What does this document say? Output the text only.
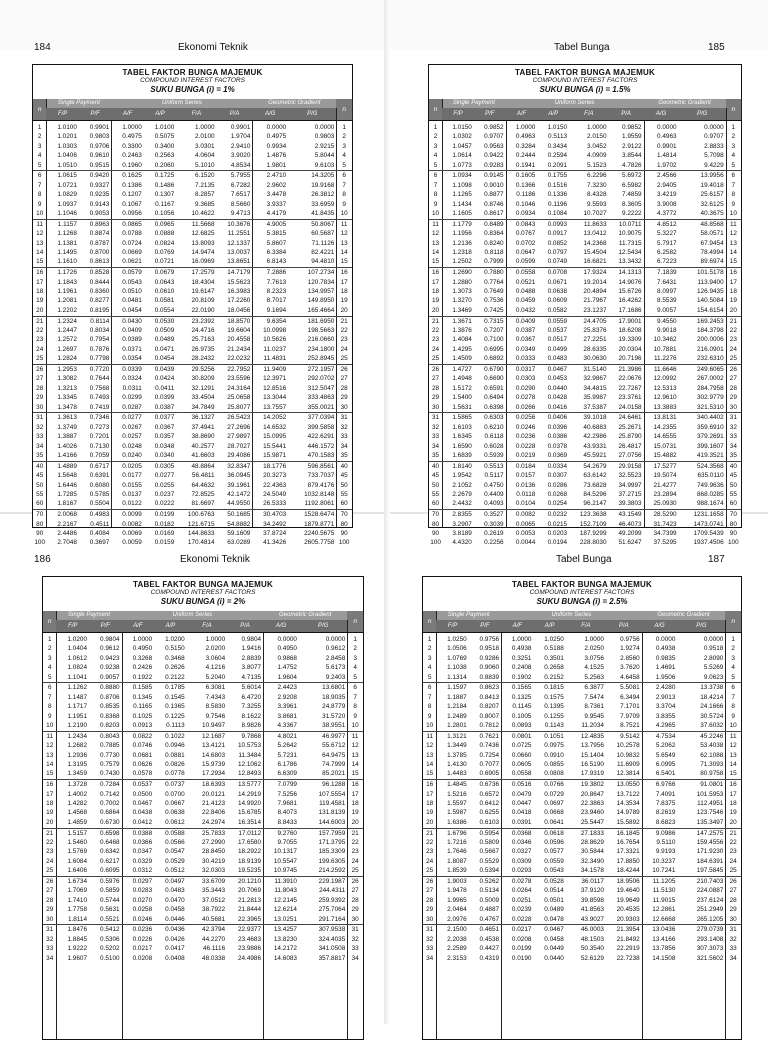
184	Ekonomi Teknik
TABEL FAKTOR BUNGA MAJEMUK
COMPOUND INTEREST FACTORS
SUKU BUNGA (i) = 1%
Single Payment	Uniform Series	Geometric Gradient
n	n
F/P	P/F	A/F	A/P	F/A	P/A	A/G	P/G
1	1.0100	0.9901	1.0000	1.0100	1.0000	0.9901	0.0000	0.0000	1
2	1.0201	0.9803	0.4975	0.5075	2.0100	1.9704	0.4975	0.9803	2
3	1.0303	0.9706	0.3300	0.3400	3.0301	2.9410	0.9934	2.9215	3
4	1.0406	0.9610	0.2463	0.2563	4.0604	3.9020	1.4876	5.8044	4
5	1.0510	0.9515	0.1960	0.2060	5.1010	4.8534	1.9801	9.6103	5
6	1.0615	0.9420	0.1625	0.1725	6.1520	5.7955	2.4710	14.3205	6
7	1.0721	0.9327	0.1386	0.1486	7.2135	6.7282	2.9602	19.9168	7
8	1.0829	0.9235	0.1207	0.1307	8.2857	7.6517	3.4478	26.3812	8
9	1.0937	0.9143	0.1067	0.1167	9.3685	8.5660	3.9337	33.6959	9
10	1.1046	0.9053	0.0956	0.1056	10.4622	9.4713	4.4179	41.8435 10
11	1.1157	0.8963	0.0865	0.0965	11.5668	10.3676	4.9005	50.8067	11
12	1.1268	0.8874	0.0788	0.0888	12.6825	11.2551	5.3815	60.5687 12
13	1.1381	0.8787	0.0724	0.0824	13.8093	12.1337	5.8607	71.1126 13
14	1.1495	0.8700	0.0669	0.0769	14.9474	13.0037	6.3384	82.4221 14
15	1.1610	0.8613	0.0621	0.0721	16.0969	13.8651	6.8143	94.4810 15
16	1.1726	0.8528	0.0579	0.0679	17.2579	14.7179	7.2886	107.2734 16
17	1.1843	0.8444	0.0543	0.0643	18.4304	15.5623	7.7613	120.7834 17
18	1.1961	0.8360	0.0510	0.0610	19.6147	16.3983	8.2323	134.9957 18
19	1.2081	0.8277	0.0481	0.0581	20.8109	17.2260	8.7017	149.8950 19
20	1.2202	0.8195	0.0454	0.0554	22.0190	18.0456	9.1694	165.4664 20
21	1.2324	0.8114	0.0430	0.0530	23.2392	18.8570	9.6354	181.6950 21
22	1.2447	0.8034	0.0409	0.0509	24.4716	19.6604	10.0998	198.5663 22
23	1.2572	0.7954	0.0389	0.0489	25.7163	20.4558	10.5626	216.0660 23
24	1.2697	0.7876	0.0371	0.0471	26.9735	21.2434	11.0237	234.1800 24
25	1.2824	0.7798	0.0354	0.0454	28.2432	22.0232	11.4831	252.8945 25
26	1.2953	0.7720	0.0339	0.0439	29.5256	22.7952	11.9409	272.1957 26
27	1.3082	0.7644	0.0324	0.0424	30.8209	23.5596	12.3971	292.0702 27
28	1.3213	0.7568	0.0311	0.0411	32.1291	24.3164	12.8516	312.5047 28
29	1.3345	0.7493	0.0299	0.0399	33.4504	25.0658	13.3044	333.4863 29
30	1.3478	0.7419	0.0287	0.0387	34.7849	25.8077	13.7557	355.0021 30
31	1.3613	0.7346	0.0277	0.0377	36.1327	26.5423	14.2052	377.0394 31
32	1.3749	0.7273	0.0267	0.0367	37.4941	27.2696	14.6532	399.5858 32
33	1.3887	0.7201	0.0257	0.0357	38.8690	27.9897	15.0995	422.6291 33
34	1.4026	0.7130	0.0248	0.0348	40.2577	28.7027	15.5441	446.1572 34
35	1.4166	0.7059	0.0240	0.0340	41.6603	29.4086	15.9871	470.1583 35
40	1.4889	0.6717	0.0205	0.0305	48.8864	32.8347	18.1776	596.8561 40
45	1.5648	0.6391	0.0177	0.0277	56.4811	36.0945	20.3273	733.7037 45
50	1.6446	0.6080	0.0155	0.0255	64.4632	39.1961	22.4363	879.4176 50
55	1.7285	0.5785	0.0137	0.0237	72.8525	42.1472	24.5049	1032.8148 55
60	1.8167	0.5504	0.0122	0.0222	81.6697	44.9550	26.5333	1192.8061 60
70	2.0068	0.4983	0.0099	0.0199	100.6763	50.1685	30.4703	1528.6474 70
80	2.2167	0.4511	0.0082	0.0182	121.6715	54.8882	34.2492	1879.8771 80
90	2.4486	0.4084	0.0069	0.0169	144.8633	59.1609	37.8724	2240.5675 90
100	2.7048	0.3697	0.0059	0.0159	170.4814	63.0289	41.3426	2605.7758 100
185
Tabel Bunga
TABEL FAKTOR BUNGA MAJEMUK
COMPOUND INTEREST FACTORS
SUKU BUNGA (i) = 1.5%
Single Payment	Uniform Series	Geometric Gradient
n	n
F/P	P/F	A/F	A/P	F/A	P/A	A/G	P/G
1	1.0150	0.9852	1.0000	1.0150	1.0000	0.9852	0.0000	0.0000	1
2	1.0302	0.9707	0.4963	0.5113	2.0150	1.9559	0.4963	0.9707	2
3	1.0457	0.9563	0.3284	0.3434	3.0452	2.9122	0.9901	2.8833	3
4	1.0614	0.9422	0.2444	0.2594	4.0909	3.8544	1.4814	5.7098	4
5	1.0773	0.9283	0.1941	0.2091	5.1523	4.7826	1.9702	9.4229	5
6	1.0934	0.9145	0.1605	0.1755	6.2296	5.6972	2.4566	13.9956	6
7	1.1098	0.9010	0.1366	0.1516	7.3230	6.5982	2.9405	19.4018	7
8	1.1265	0.8877	0.1186	0.1336	8.4328	7.4859	3.4219	25.6157	8
9	1.1434	0.8746	0.1046	0.1196	9.5593	8.3605	3.9008	32.6125	9
10	1.1605	0.8617	0.0934	0.1084	10.7027	9.2222	4.3772	40.3675 10
11	1.1779	0.8489	0.0843	0.0993	11.8633	10.0711	4.8512	48.8568 11
12	1.1956	0.8364	0.0767	0.0917	13.0412	10.9075	5.3227	58.0571 12
13	1.2136	0.8240	0.0702	0.0852	14.2368	11.7315	5.7917	67.9454 13
14	1.2318	0.8118	0.0647	0.0797	15.4504	12.5434	6.2582	78.4994 14
15	1.2502	0.7999	0.0599	0.0749	16.6821	13.3432	6.7223	89.6974 15
16	1.2690	0.7880	0.0558	0.0708	17.9324	14.1313	7.1839	101.5178 16
17	1.2880	0.7764	0.0521	0.0671	19.2014	14.9076	7.6431	113.9400 17
18	1.3073	0.7649	0.0488	0.0638	20.4894	15.6726	8.0997	126.9435 18
19	1.3270	0.7536	0.0459	0.0609	21.7967	16.4262	8.5539	140.5084 19
20	1.3469	0.7425	0.0432	0.0582	23.1237	17.1686	9.0057	154.6154 20
21	1.3671	0.7315	0.0409	0.0559	24.4705	17.9001	9.4550	169.2453 21
22	1.3876	0.7207	0.0387	0.0537	25.8376	18.6208	9.9018	184.3798 22
23	1.4084	0.7100	0.0367	0.0517	27.2251	19.3309	10.3462	200.0006 23
24	1.4295	0.6995	0.0349	0.0499	28.6335	20.0304	10.7881	216.0901 24
25	1.4509	0.6892	0.0333	0.0483	30.0630	20.7196	11.2276	232.6310 25
26	1.4727	0.6790	0.0317	0.0467	31.5140	21.3986	11.6646	249.6065 26
27	1.4948	0.6690	0.0303	0.0453	32.9867	22.0676	12.0992	267.0002 27
28	1.5172	0.6591	0.0290	0.0440	34.4815	22.7267	12.5313	284.7958 28
29	1.5400	0.6494	0.0278	0.0428	35.9987	23.3761	12.9610	302.9779 29
30	1.5631	0.6398	0.0266	0.0416	37.5387	24.0158	13.3883	321.5310 30
31	1.5865	0.6303	0.0256	0.0406	39.1018	24.6461	13.8131	340.4402 31
32	1.6103	0.6210	0.0246	0.0396	40.6883	25.2671	14.2355	359.6910 32
33	1.6345	0.6118	0.0236	0.0386	42.2986	25.8790	14.6555	379.2691 33
34	1.6590	0.6028	0.0228	0.0378	43.9331	26.4817	15.0731	399.1607 34
35	1.6839	0.5939	0.0219	0.0369	45.5921	27.0756	15.4882	419.3521 35
40	1.8140	0.5513	0.0184	0.0334	54.2679	29.9158	17.5277	524.3568 40
45	1.9542	0.5117	0.0157	0.0307	63.6142	32.5523	19.5074	635.0110 45
50	2.1052	0.4750	0.0136	0.0286	73.6828	34.9997	21.4277	749.9636 50
55	2.2679	0.4409	0.0118	0.0268	84.5296	37.2715	23.2894	868.0285 55
60	2.4432	0.4093	0.0104	0.0254	96.2147	39.3803	25.0930	988.1674 60
70	2.8355	0.3527	0.0082	0.0232	123.3638	43.1549	28.5290	1231.1658 70
80	3.2907	0.3039	0.0065	0.0215	152.7109	46.4073	31.7423	1473.0741 80
90	3.8189	0.2619	0.0053	0.0203	187.9299	49.2099	34.7399	1709.5439 90
100	4.4320	0.2256	0.0044	0.0194	228.8030	51.6247	37.5295	1937.4506 100
186	Ekonomi Teknik
TABEL FAKTOR BUNGA MAJEMUK
COMPOUND INTEREST FACTORS
SUKU BUNGA (i) = 2%
Single Payment	Uniform Series	Geometric Gradient
n	n
F/P	P/F	A/F	A/P	F/A	P/A	A/G	P/G
1	1.0200	0.9804	1.0000	1.0200	1.0000	0.9804	0.0000	0.0000	1
2	1.0404	0.9612	0.4950	0.5150	2.0200	1.9416	0.4950	0.9612	2
3	1.0612	0.9423	0.3268	0.3468	3.0604	2.8839	0.9868	2.8458	3
4	1.0824	0.9238	0.2426	0.2626	4.1216	3.8077	1.4752	5.6173	4
5	1.1041	0.9057	0.1922	0.2122	5.2040	4.7135	1.9604	9.2403	5
6	1.1262	0.8880	0.1585	0.1785	6.3081	5.6014	2.4423	13.6801	6
7	1.1487	0.8706	0.1345	0.1545	7.4343	6.4720	2.9208	18.9035	7
8	1.1717	0.8535	0.1165	0.1365	8.5830	7.3255	3.3961	24.8779	8
9	1.1951	0.8368	0.1025	0.1225	9.7546	8.1622	3.8681	31.5720	9
10	1.2190	0.8203	0.0913	0.1113	10.9497	8.9826	4.3367	38.9551 10
11	1.2434	0.8043	0.0822	0.1022	12.1687	9.7868	4.8021	46.9977	11
12	1.2682	0.7885	0.0746	0.0946	13.4121	10.5753	5.2642	55.6712 12
13	1.2936	0.7730	0.0681	0.0881	14.6803	11.3484	5.7231	64.9475 13
14	1.3195	0.7579	0.0626	0.0826	15.9739	12.1062	6.1786	74.7999 14
15	1.3459	0.7430	0.0578	0.0778	17.2934	12.8493	6.6309	85.2021 15
16	1.3728	0.7284	0.0537	0.0737	18.6393	13.5777	7.0799	96.1288 16
17	1.4002	0.7142	0.0500	0.0700	20.0121	14.2919	7.5256	107.5554 17
18	1.4282	0.7002	0.0467	0.0667	21.4123	14.9920	7.9681	119.4581 18
19	1.4568	0.6864	0.0438	0.0638	22.8406	15.6785	8.4073	131.8139 19
20	1.4859	0.6730	0.0412	0.0612	24.2974	16.3514	8.8433	144.6003 20
21	1.5157	0.6598	0.0388	0.0588	25.7833	17.0112	9.2760	157.7959 21
22	1.5460	0.6468	0.0366	0.0566	27.2990	17.6580	9.7055	171.3795 22
23	1.5769	0.6342	0.0347	0.0547	28.8450	18.2922	10.1317	185.3309 23
24	1.6084	0.6217	0.0329	0.0529	30.4219	18.9139	10.5547	199.6305 24
25	1.6406	0.6095	0.0312	0.0512	32.0303	19.5235	10.9745	214.2592 25
26	1.6734	0.5976	0.0297	0.0497	33.6709	20.1210	11.3910	229.1987 26
27	1.7069	0.5859	0.0283	0.0483	35.3443	20.7069	11.8043	244.4311 27
28	1.7410	0.5744	0.0270	0.0470	37.0512	21.2813	12.2145	259.9392 28
29	1.7758	0.5631	0.0258	0.0458	38.7922	21.8444	12.6214	275.7064 29
30	1.8114	0.5521	0.0246	0.0446	40.5681	22.3965	13.0251	291.7164 30
31	1.8476	0.5412	0.0236	0.0436	42.3794	22.9377	13.4257	307.9538 31
32	1.8845	0.5306	0.0226	0.0426	44.2270	23.4683	13.8230	324.4035 32
33	1.9222	0.5202	0.0217	0.0417	46.1116	23.9886	14.2172	341.0508 33
34	1.9607	0.5100	0.0208	0.0408	48.0338	24.4986	14.6083	357.8817 34
187
Tabel Bunga
TABEL FAKTOR BUNGA MAJEMUK
COMPOUND INTEREST FACTORS
SUKU BUNGA (i) = 2.5%
Single Payment	Uniform Series	Geometric Gradient
n	n
F/P	P/F	A/F	A/P	F/A	P/A	A/G	P/G
1	1.0250	0.9756	1.0000	1.0250	1.0000	0.9756	0.0000	0.0000	1
2	1.0506	0.9518	0.4938	0.5188	2.0250	1.9274	0.4938	0.9518	2
3	1.0769	0.9286	0.3251	0.3501	3.0756	2.8560	0.9835	2.8090	3
4	1.1038	0.9060	0.2408	0.2658	4.1525	3.7620	1.4691	5.5269	4
5	1.1314	0.8839	0.1902	0.2152	5.2563	4.6458	1.9506	9.0623	5
6	1.1597	0.8623	0.1565	0.1815	6.3877	5.5081	2.4280	13.3738	6
7	1.1887	0.8413	0.1325	0.1575	7.5474	6.3494	2.9013	18.4214	7
8	1.2184	0.8207	0.1145	0.1395	8.7361	7.1701	3.3704	24.1666	8
9	1.2489	0.8007	0.1005	0.1255	9.9545	7.9709	3.8355	30.5724	9
10	1.2801	0.7812	0.0893	0.1143	11.2034	8.7521	4.2965	37.6032 10
11	1.3121	0.7621	0.0801	0.1051	12.4835	9.5142	4.7534	45.2246	11
12	1.3449	0.7436	0.0725	0.0975	13.7956	10.2578	5.2062	53.4038 12
13	1.3785	0.7254	0.0660	0.0910	15.1404	10.9832	5.6549	62.1088 13
14	1.4130	0.7077	0.0605	0.0855	16.5190	11.6909	6.0995	71.3093 14
15	1.4483	0.6905	0.0558	0.0808	17.9319	12.3814	6.5401	80.9758 15
16	1.4845	0.6736	0.0516	0.0766	19.3802	13.0550	6.9766	91.0801 16
17	1.5216	0.6572	0.0479	0.0729	20.8647	13.7122	7.4091	101.5953 17
18	1.5597	0.6412	0.0447	0.0697	22.3863	14.3534	7.8375	112.4951 18
19	1.5987	0.6255	0.0418	0.0668	23.9460	14.9789	8.2619	123.7546 19
20	1.6386	0.6103	0.0391	0.0641	25.5447	15.5892	8.6823	135.3497 20
21	1.6796	0.5954	0.0368	0.0618	27.1833	16.1845	9.0986	147.2575 21
22	1.7216	0.5809	0.0346	0.0596	28.8629	16.7654	9.5110	159.4556 22
23	1.7646	0.5667	0.0327	0.0577	30.5844	17.3321	9.9193	171.9230 23
24	1.8087	0.5529	0.0309	0.0559	32.3490	17.8850	10.3237	184.6391 24
25	1.8539	0.5394	0.0293	0.0543	34.1578	18.4244	10.7241	197.5845 25
26	1.9003	0.5262	0.0278	0.0528	36.0117	18.9506	11.1205	210.7403 26
27	1.9478	0.5134	0.0264	0.0514	37.9120	19.4640	11.5130	224.0887 27
28	1.9965	0.5009	0.0251	0.0501	39.8598	19.9649	11.9015	237.6124 28
29	2.0464	0.4887	0.0239	0.0489	41.8563	20.4535	12.2861	251.2949 29
30	2.0976	0.4767	0.0228	0.0478	43.9027	20.9303	12.6668	265.1205 30
31	2.1500	0.4651	0.0217	0.0467	46.0003	21.3954	13.0436	279.0739 31
32	2.2038	0.4538	0.0208	0.0458	48.1503	21.8492	13.4166	293.1408 32
33	2.2589	0.4427	0.0199	0.0449	50.3540	22.2919	13.7856	307.3073 33
34	2.3153	0.4319	0.0190	0.0440	52.6129	22.7238	14.1508	321.5602 34
